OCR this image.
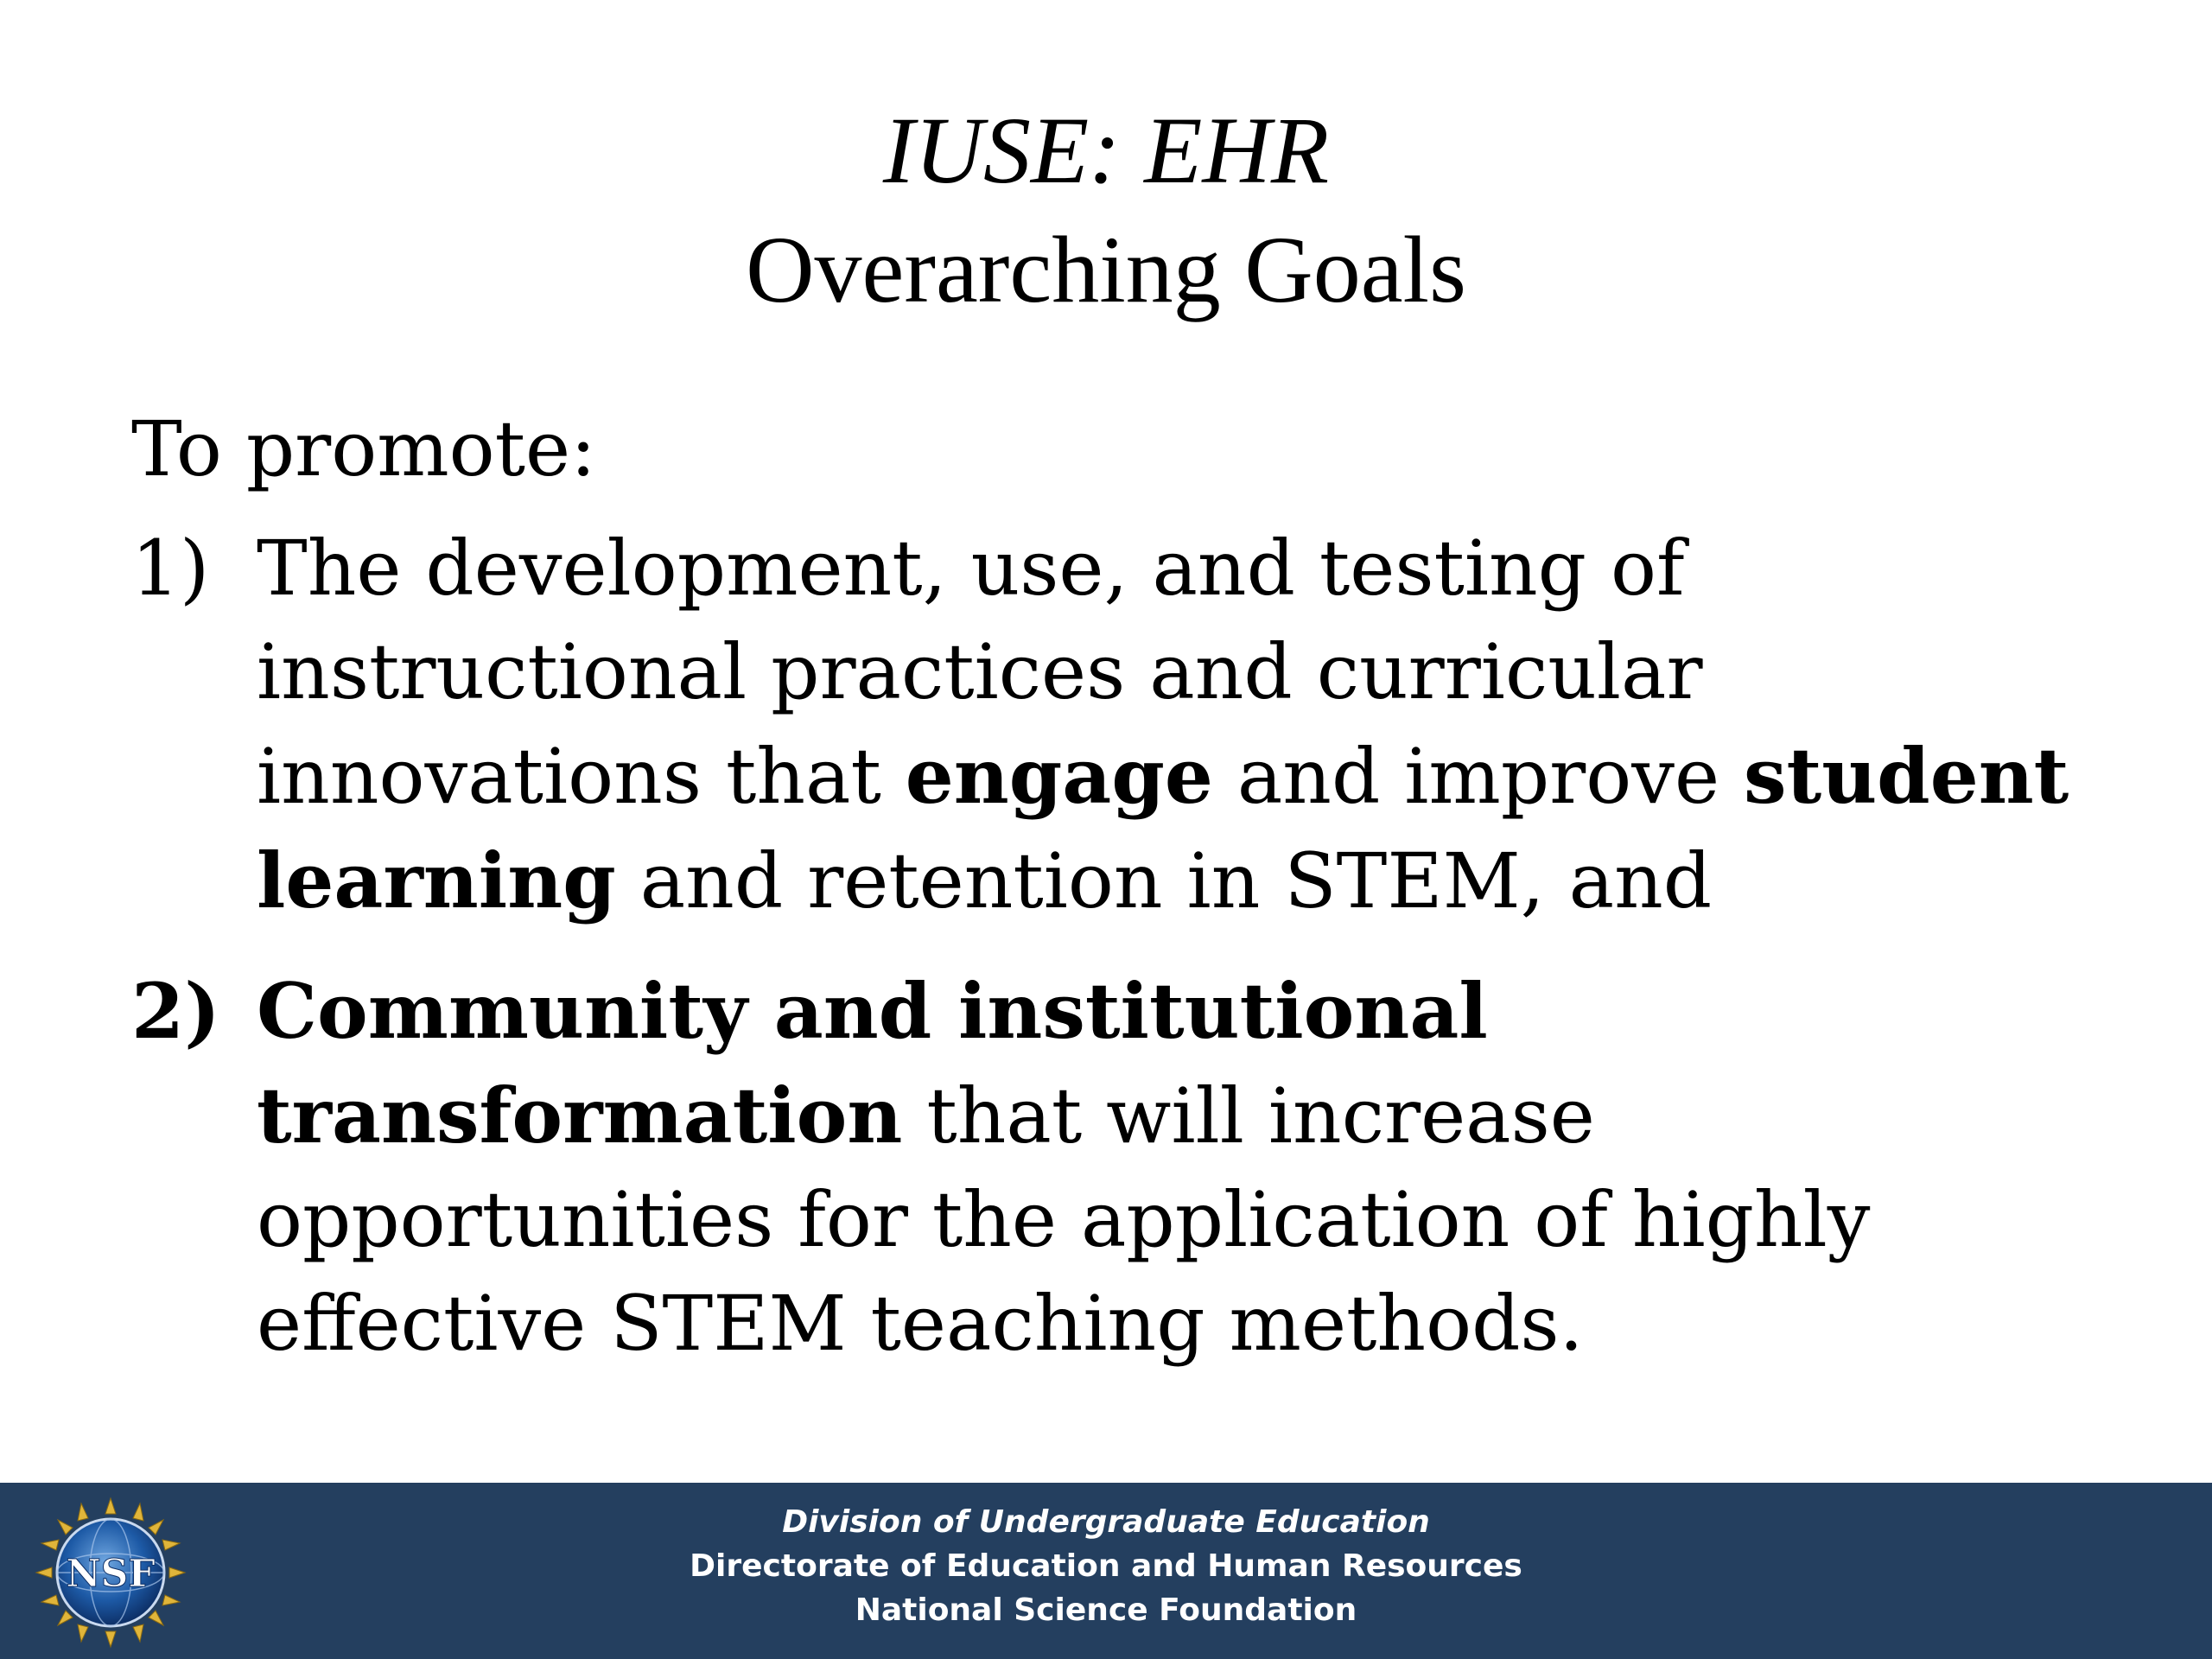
IUSE: EHR
Overarching Goals
To promote:
1) The development, use, and testing of instructional practices and curricular innovations that engage and improve student learning and retention in STEM, and
2) Community and institutional transformation that will increase opportunities for the application of highly effective STEM teaching methods.
Division of Undergraduate Education
Directorate of Education and Human Resources
National Science Foundation
NSF
